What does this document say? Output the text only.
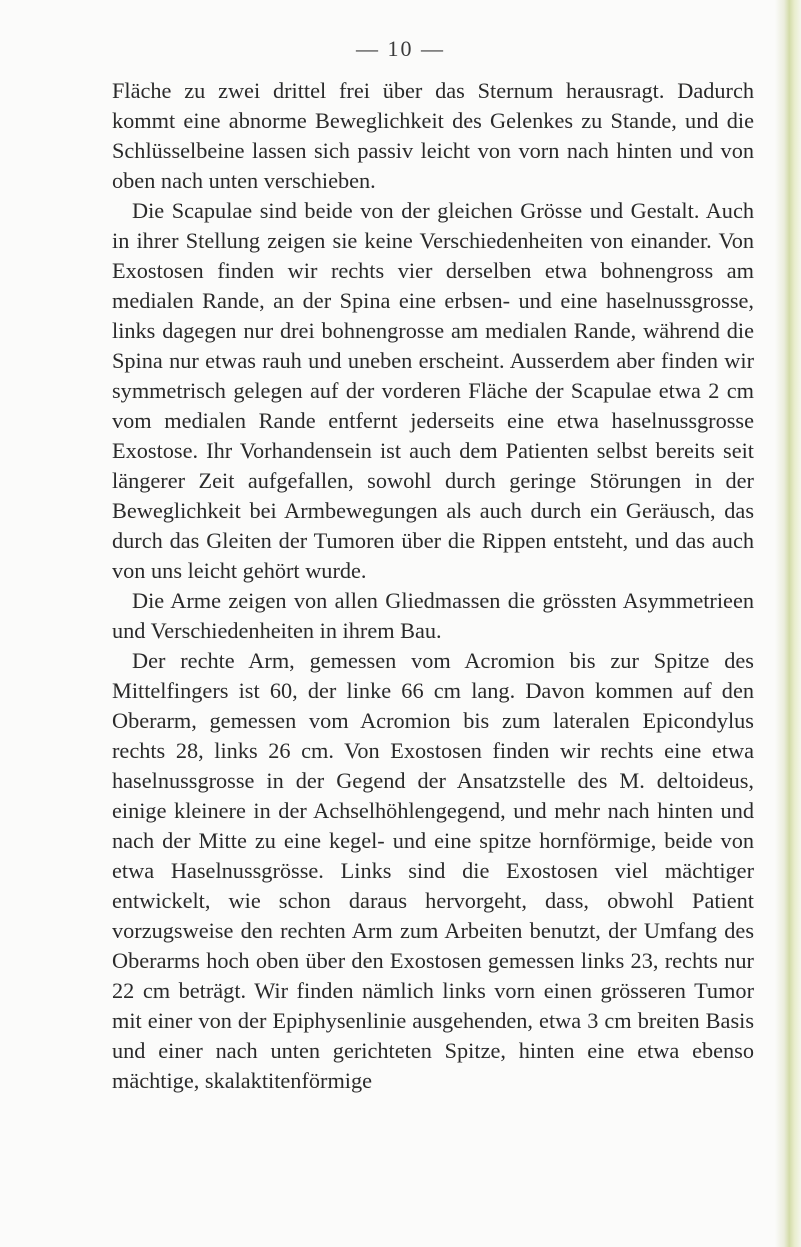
— 10 —

Fläche zu zwei drittel frei über das Sternum herausragt. Dadurch kommt eine abnorme Beweglichkeit des Gelenkes zu Stande, und die Schlüsselbeine lassen sich passiv leicht von vorn nach hinten und von oben nach unten verschieben.

Die Scapulae sind beide von der gleichen Grösse und Gestalt. Auch in ihrer Stellung zeigen sie keine Verschiedenheiten von einander. Von Exostosen finden wir rechts vier derselben etwa bohnengross am medialen Rande, an der Spina eine erbsen- und eine haselnussgrosse, links dagegen nur drei bohnengrosse am medialen Rande, während die Spina nur etwas rauh und uneben erscheint. Ausserdem aber finden wir symmetrisch gelegen auf der vorderen Fläche der Scapulae etwa 2 cm vom medialen Rande entfernt jederseits eine etwa haselnussgrosse Exostose. Ihr Vorhandensein ist auch dem Patienten selbst bereits seit längerer Zeit aufgefallen, sowohl durch geringe Störungen in der Beweglichkeit bei Armbewegungen als auch durch ein Geräusch, das durch das Gleiten der Tumoren über die Rippen entsteht, und das auch von uns leicht gehört wurde.

Die Arme zeigen von allen Gliedmassen die grössten Asymmetrieen und Verschiedenheiten in ihrem Bau.

Der rechte Arm, gemessen vom Acromion bis zur Spitze des Mittelfingers ist 60, der linke 66 cm lang. Davon kommen auf den Oberarm, gemessen vom Acromion bis zum lateralen Epicondylus rechts 28, links 26 cm. Von Exostosen finden wir rechts eine etwa haselnussgrosse in der Gegend der Ansatzstelle des M. deltoideus, einige kleinere in der Achselhöhlengegend, und mehr nach hinten und nach der Mitte zu eine kegel- und eine spitze hornförmige, beide von etwa Haselnussgrösse. Links sind die Exostosen viel mächtiger entwickelt, wie schon daraus hervorgeht, dass, obwohl Patient vorzugsweise den rechten Arm zum Arbeiten benutzt, der Umfang des Oberarms hoch oben über den Exostosen gemessen links 23, rechts nur 22 cm beträgt. Wir finden nämlich links vorn einen grösseren Tumor mit einer von der Epiphysenlinie ausgehenden, etwa 3 cm breiten Basis und einer nach unten gerichteten Spitze, hinten eine etwa ebenso mächtige, skalaktitenförmige
